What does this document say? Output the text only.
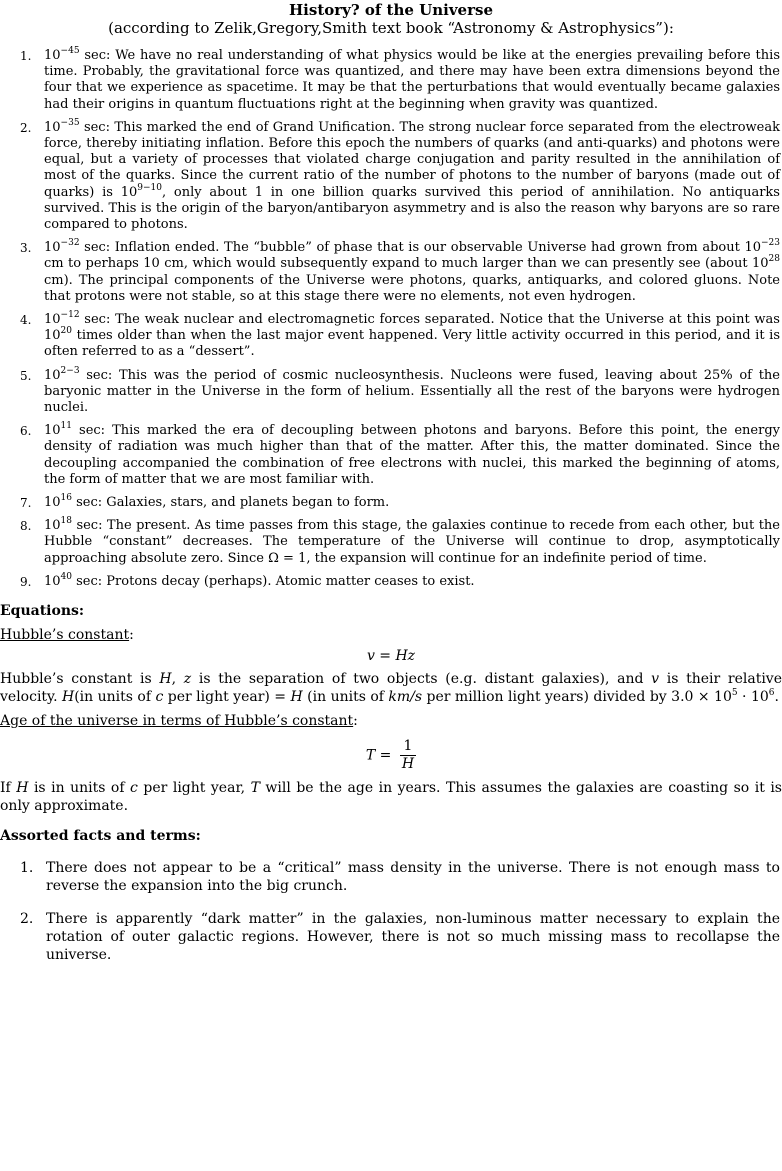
History? of the Universe

(according to Zelik,Gregory,Smith text book “Astronomy & Astrophysics”):

1. $10^{-45}$ sec: We have no real understanding of what physics would be like at the energies prevailing before this time. Probably, the gravitational force was quantized, and there may have been extra dimensions beyond the four that we experience as spacetime. It may be that the perturbations that would eventually became galaxies had their origins in quantum fluctuations right at the beginning when gravity was quantized.
2. $10^{-35}$ sec: This marked the end of Grand Unification. The strong nuclear force separated from the electroweak force, thereby initiating inflation. Before this epoch the numbers of quarks (and anti-quarks) and photons were equal, but a variety of processes that violated charge conjugation and parity resulted in the annihilation of most of the quarks. Since the current ratio of the number of photons to the number of baryons (made out of quarks) is $10^{9-10}$, only about 1 in one billion quarks survived this period of annihilation. No antiquarks survived. This is the origin of the baryon/antibaryon asymmetry and is also the reason why baryons are so rare compared to photons.
3. $10^{-32}$ sec: Inflation ended. The “bubble” of phase that is our observable Universe had grown from about $10^{-23}$ cm to perhaps 10 cm, which would subsequently expand to much larger than we can presently see (about $10^{28}$ cm). The principal components of the Universe were photons, quarks, antiquarks, and colored gluons. Note that protons were not stable, so at this stage there were no elements, not even hydrogen.
4. $10^{-12}$ sec: The weak nuclear and electromagnetic forces separated. Notice that the Universe at this point was $10^{20}$ times older than when the last major event happened. Very little activity occurred in this period, and it is often referred to as a “dessert”.
5. $10^{2-3}$ sec: This was the period of cosmic nucleosynthesis. Nucleons were fused, leaving about 25% of the baryonic matter in the Universe in the form of helium. Essentially all the rest of the baryons were hydrogen nuclei.
6. $10^{11}$ sec: This marked the era of decoupling between photons and baryons. Before this point, the energy density of radiation was much higher than that of the matter. After this, the matter dominated. Since the decoupling accompanied the combination of free electrons with nuclei, this marked the beginning of atoms, the form of matter that we are most familiar with.
7. $10^{16}$ sec: Galaxies, stars, and planets began to form.
8. $10^{18}$ sec: The present. As time passes from this stage, the galaxies continue to recede from each other, but the Hubble “constant” decreases. The temperature of the Universe will continue to drop, asymptotically approaching absolute zero. Since Ω = 1, the expansion will continue for an indefinite period of time.
9. $10^{40}$ sec: Protons decay (perhaps). Atomic matter ceases to exist.
Equations:

Hubble’s constant:

v = Hz

Hubble’s constant is H, z is the separation of two objects (e.g. distant galaxies), and v is their relative velocity. H(in units of c per light year) = H (in units of km/s per million light years) divided by $3.0 \times 10^5 \cdot 10^6$.

Age of the universe in terms of Hubble’s constant:

$T = \frac{1}{H}$

If H is in units of c per light year, T will be the age in years. This assumes the galaxies are coasting so it is only approximate.

Assorted facts and terms:
1. There does not appear to be a “critical” mass density in the universe. There is not enough mass to reverse the expansion into the big crunch.
2. There is apparently “dark matter” in the galaxies, non-luminous matter necessary to explain the rotation of outer galactic regions. However, there is not so much missing mass to recollapse the universe.
